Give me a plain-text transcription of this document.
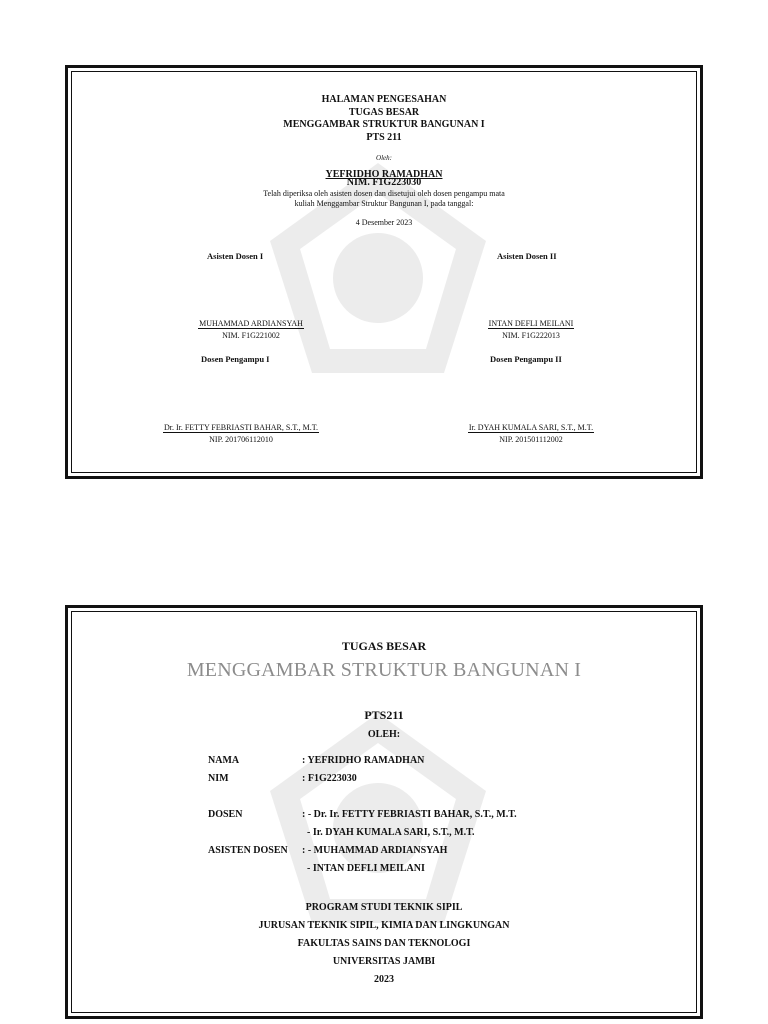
HALAMAN PENGESAHAN
TUGAS BESAR
MENGGAMBAR STRUKTUR BANGUNAN I
PTS 211
Oleh:
YEFRIDHO RAMADHAN
NIM. F1G223030
Telah diperiksa oleh asisten dosen dan disetujui oleh dosen pengampu mata
kuliah Menggambar Struktur Bangunan I, pada tanggal:
4 Desember 2023
Asisten Dosen I	Asisten Dosen II
MUHAMMAD ARDIANSYAH
NIM. F1G221002
INTAN DEFLI MEILANI
NIM. F1G222013
Dosen Pengampu I	Dosen Pengampu II
Dr. Ir. FETTY FEBRIASTI BAHAR, S.T., M.T.
NIP. 201706112010
Ir. DYAH KUMALA SARI, S.T., M.T.
NIP. 201501112002
TUGAS BESAR
MENGGAMBAR STRUKTUR BANGUNAN I
PTS211
OLEH:
NAMA	: YEFRIDHO RAMADHAN
NIM	: F1G223030
DOSEN	: - Dr. Ir. FETTY FEBRIASTI BAHAR, S.T., M.T.
- Ir. DYAH KUMALA SARI, S.T., M.T.
ASISTEN DOSEN : - MUHAMMAD ARDIANSYAH
- INTAN DEFLI MEILANI
PROGRAM STUDI TEKNIK SIPIL
JURUSAN TEKNIK SIPIL, KIMIA DAN LINGKUNGAN
FAKULTAS SAINS DAN TEKNOLOGI
UNIVERSITAS JAMBI
2023
